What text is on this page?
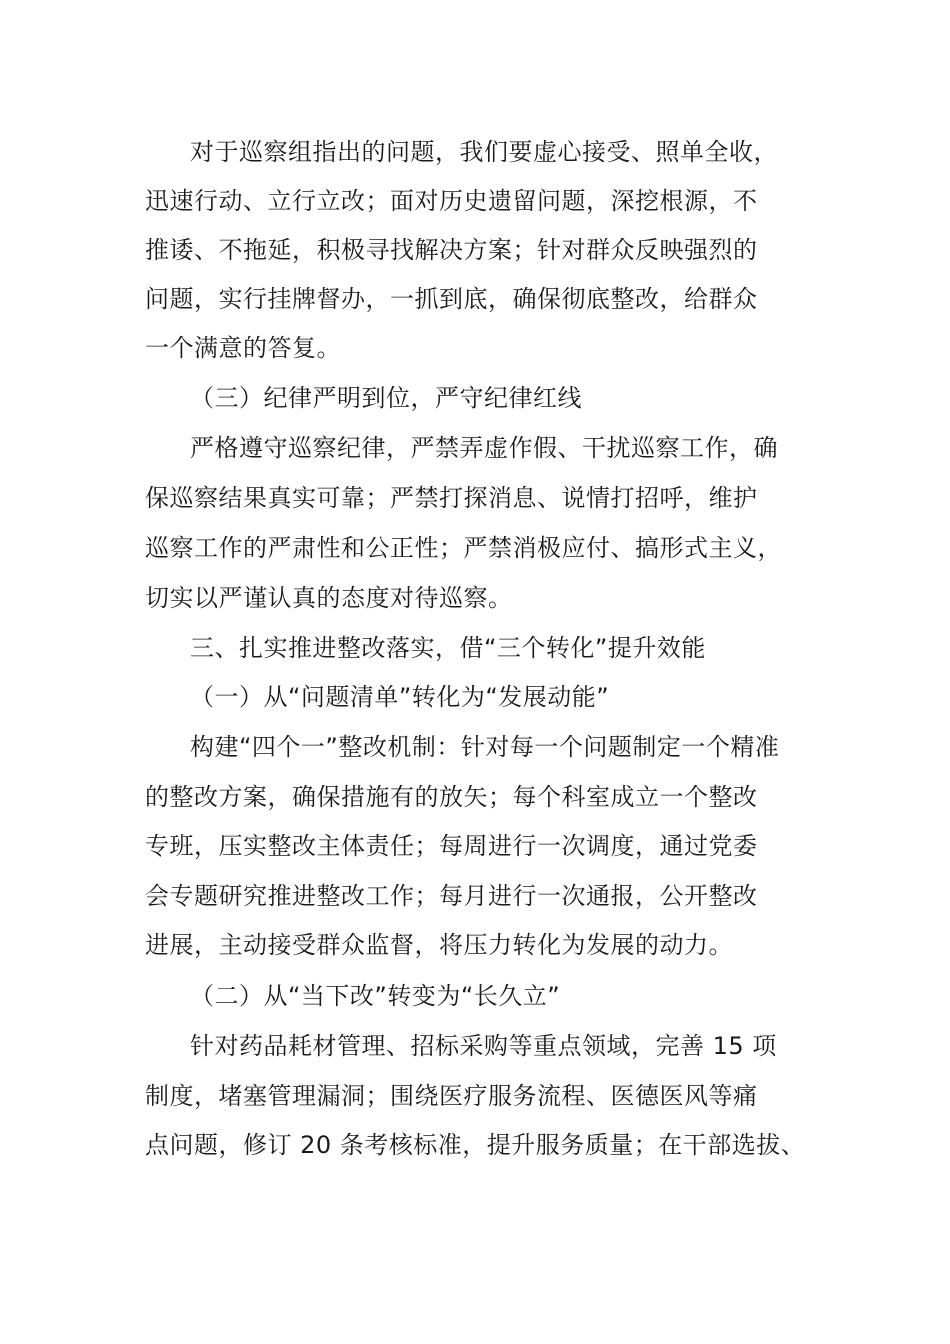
对于巡察组指出的问题，我们要虚心接受、照单全收，
迅速行动、立行立改；面对历史遗留问题，深挖根源，不
推诿、不拖延，积极寻找解决方案；针对群众反映强烈的
问题，实行挂牌督办，一抓到底，确保彻底整改，给群众
一个满意的答复。
（三）纪律严明到位，严守纪律红线
严格遵守巡察纪律，严禁弄虚作假、干扰巡察工作，确
保巡察结果真实可靠；严禁打探消息、说情打招呼，维护
巡察工作的严肃性和公正性；严禁消极应付、搞形式主义，
切实以严谨认真的态度对待巡察。
三、扎实推进整改落实，借“三个转化”提升效能
（一）从“问题清单”转化为“发展动能”
构建“四个一”整改机制：针对每一个问题制定一个精准
的整改方案，确保措施有的放矢；每个科室成立一个整改
专班，压实整改主体责任；每周进行一次调度，通过党委
会专题研究推进整改工作；每月进行一次通报，公开整改
进展，主动接受群众监督，将压力转化为发展的动力。
（二）从“当下改”转变为“长久立”
针对药品耗材管理、招标采购等重点领域，完善 15 项
制度，堵塞管理漏洞；围绕医疗服务流程、医德医风等痛
点问题，修订 20 条考核标准，提升服务质量；在干部选拔、
